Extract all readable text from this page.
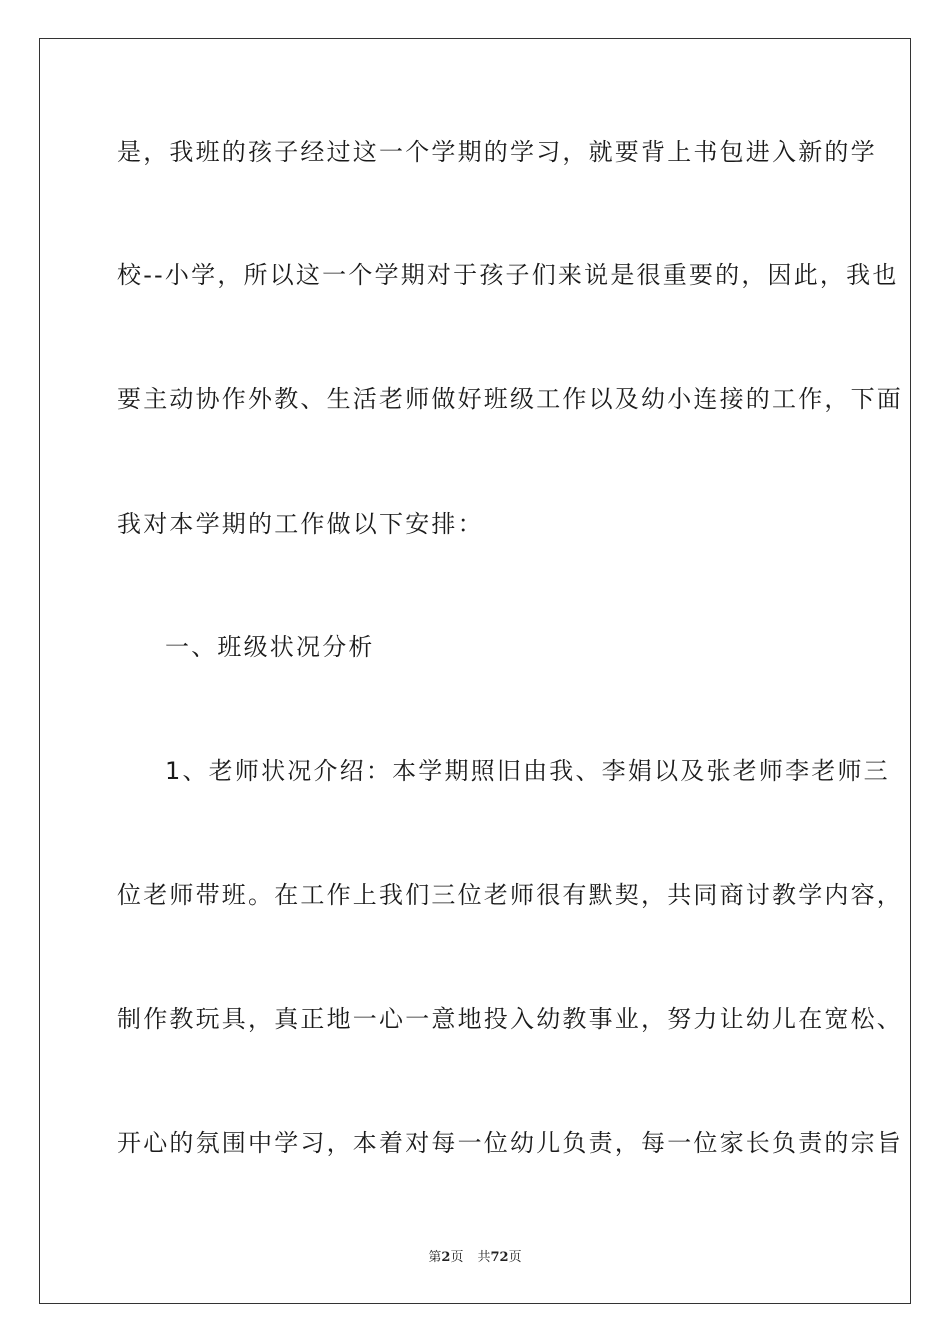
是，我班的孩子经过这一个学期的学习，就要背上书包进入新的学
校--小学，所以这一个学期对于孩子们来说是很重要的，因此，我也
要主动协作外教、生活老师做好班级工作以及幼小连接的工作，下面
我对本学期的工作做以下安排：
一、班级状况分析
1、老师状况介绍：本学期照旧由我、李娟以及张老师李老师三
位老师带班。在工作上我们三位老师很有默契，共同商讨教学内容，
制作教玩具，真正地一心一意地投入幼教事业，努力让幼儿在宽松、
开心的氛围中学习，本着对每一位幼儿负责，每一位家长负责的宗旨
第2页 共72页
